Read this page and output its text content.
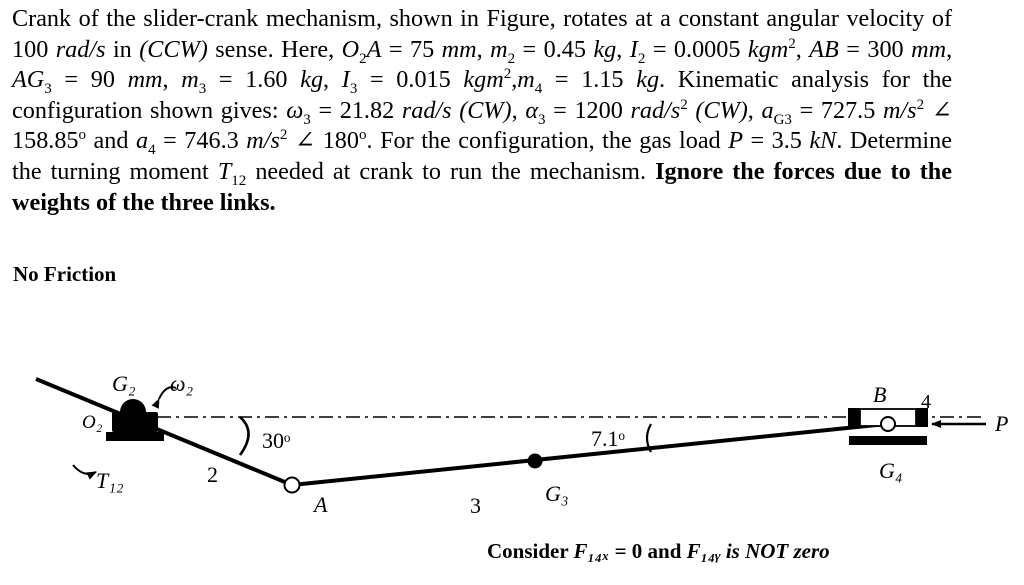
Crank of the slider-crank mechanism, shown in Figure, rotates at a constant angular velocity of 100 rad/s in (CCW) sense. Here, $O_2A = 75$ mm, $m_2 = 0.45$ kg, $I_2 = 0.0005$ kgm$^2$, AB = 300 mm, $AG_3 = 90$ mm, $m_3 = 1.60$ kg, $I_3 = 0.015$ $kgm^2,m_4 = 1.15$ kg. Kinematic analysis for the configuration shown gives: $\omega_3 = 21.82$ rad/s (CW), $\alpha_3 = 1200$ rad/$s^2$ (CW), $a_{G3} = 727.5$ $m/s^2$ ∠ 158.85$^o$ and $a_4 = 746.3$ $m/s^2$ ∠ 180$^o$. For the configuration, the gas load P = 3.5 kN. Determine the turning moment $T_{12}$ needed at crank to run the mechanism. Ignore the forces due to the weights of the three links.
No Friction
G₂ ω₂
O₂
T₁₂	2
30ᵒ
A	3	G₃
7.1ᵒ
B 4
G₄
P
Consider F₁₄ₓ = 0 and F₁₄ᵧ is NOT zero
